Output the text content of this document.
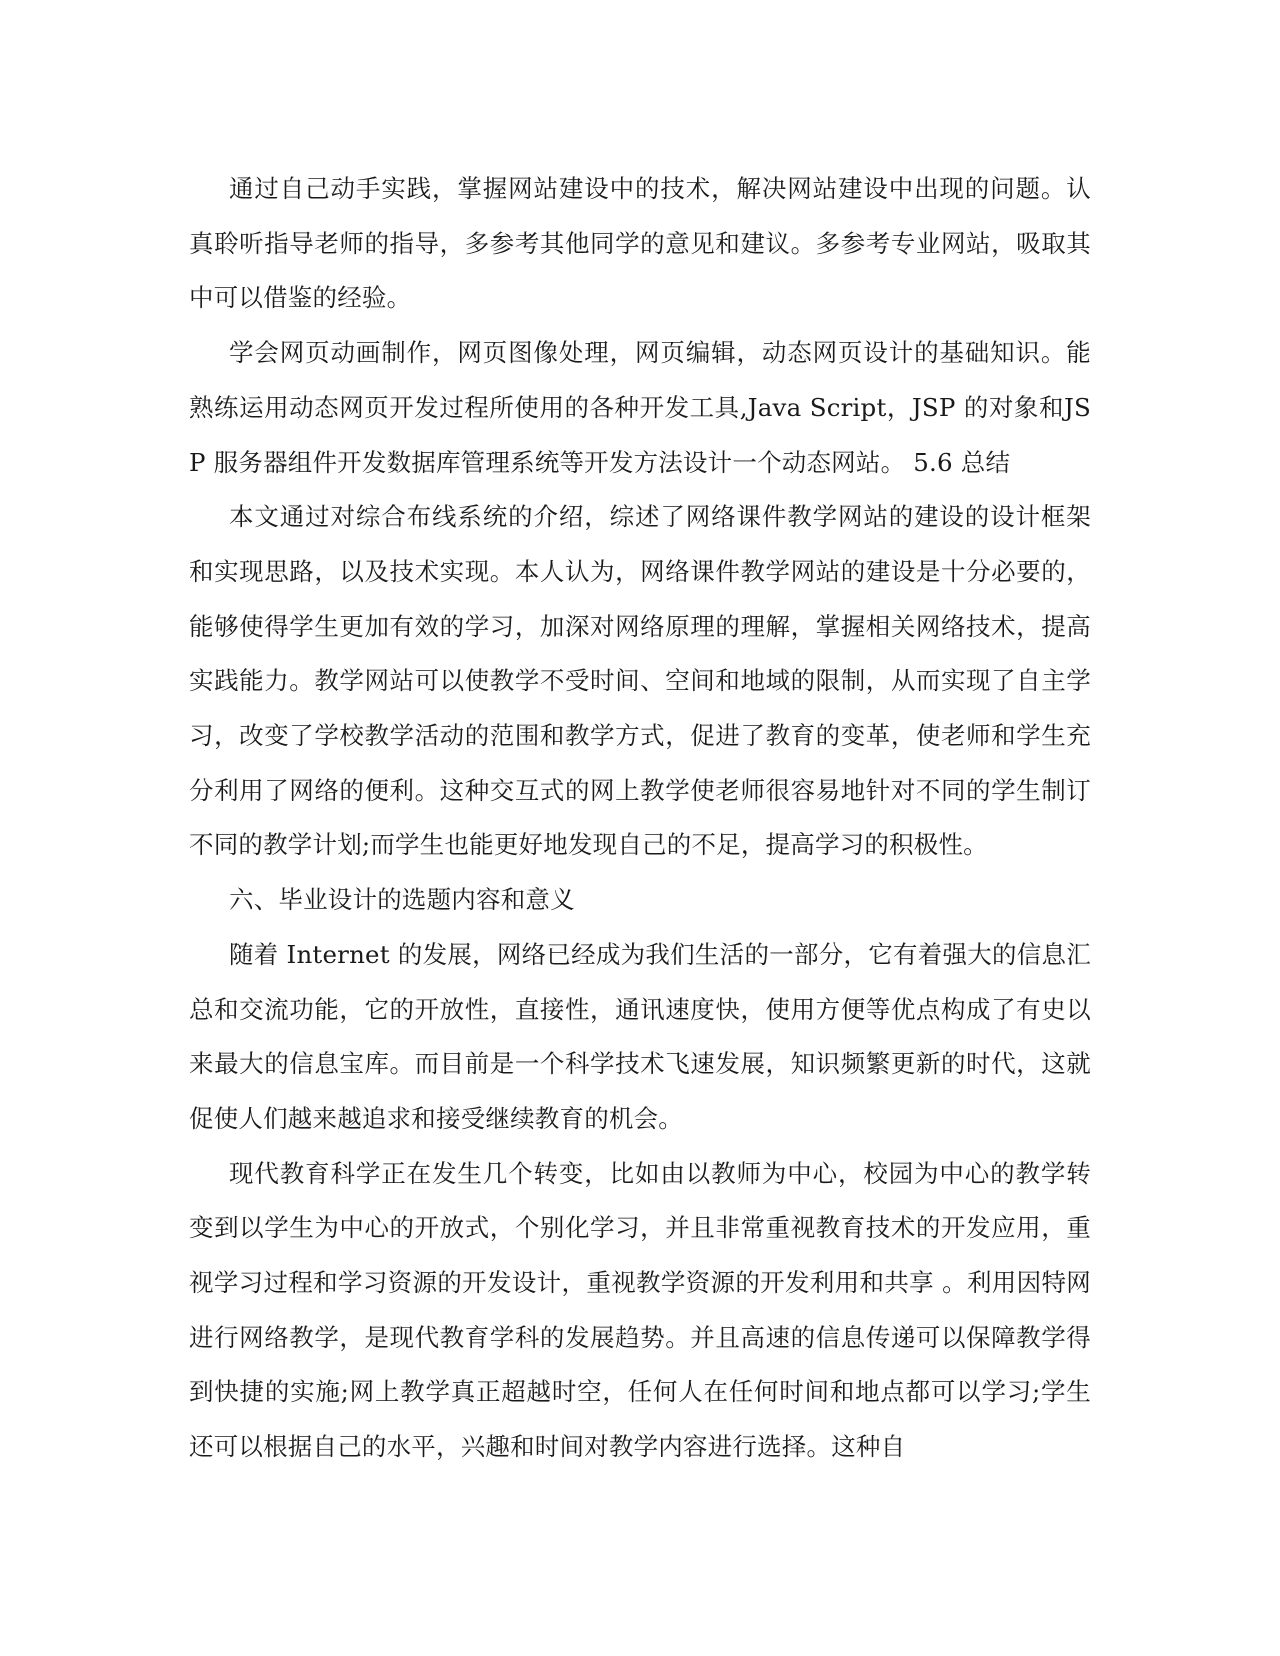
通过自己动手实践，掌握网站建设中的技术，解决网站建设中出现的问题。认真聆听指导老师的指导，多参考其他同学的意见和建议。多参考专业网站，吸取其中可以借鉴的经验。

学会网页动画制作，网页图像处理，网页编辑，动态网页设计的基础知识。能熟练运用动态网页开发过程所使用的各种开发工具,Java Script，JSP 的对象和JSP 服务器组件开发数据库管理系统等开发方法设计一个动态网站。 5.6 总结

本文通过对综合布线系统的介绍，综述了网络课件教学网站的建设的设计框架和实现思路，以及技术实现。本人认为，网络课件教学网站的建设是十分必要的，能够使得学生更加有效的学习，加深对网络原理的理解，掌握相关网络技术，提高实践能力。教学网站可以使教学不受时间、空间和地域的限制，从而实现了自主学习，改变了学校教学活动的范围和教学方式，促进了教育的变革，使老师和学生充分利用了网络的便利。这种交互式的网上教学使老师很容易地针对不同的学生制订不同的教学计划;而学生也能更好地发现自己的不足，提高学习的积极性。

六、毕业设计的选题内容和意义

随着 Internet 的发展，网络已经成为我们生活的一部分，它有着强大的信息汇总和交流功能，它的开放性，直接性，通讯速度快，使用方便等优点构成了有史以来最大的信息宝库。而目前是一个科学技术飞速发展，知识频繁更新的时代，这就促使人们越来越追求和接受继续教育的机会。

现代教育科学正在发生几个转变，比如由以教师为中心，校园为中心的教学转变到以学生为中心的开放式，个别化学习，并且非常重视教育技术的开发应用，重视学习过程和学习资源的开发设计，重视教学资源的开发利用和共享 。利用因特网进行网络教学，是现代教育学科的发展趋势。并且高速的信息传递可以保障教学得到快捷的实施;网上教学真正超越时空，任何人在任何时间和地点都可以学习;学生还可以根据自己的水平，兴趣和时间对教学内容进行选择。这种自
